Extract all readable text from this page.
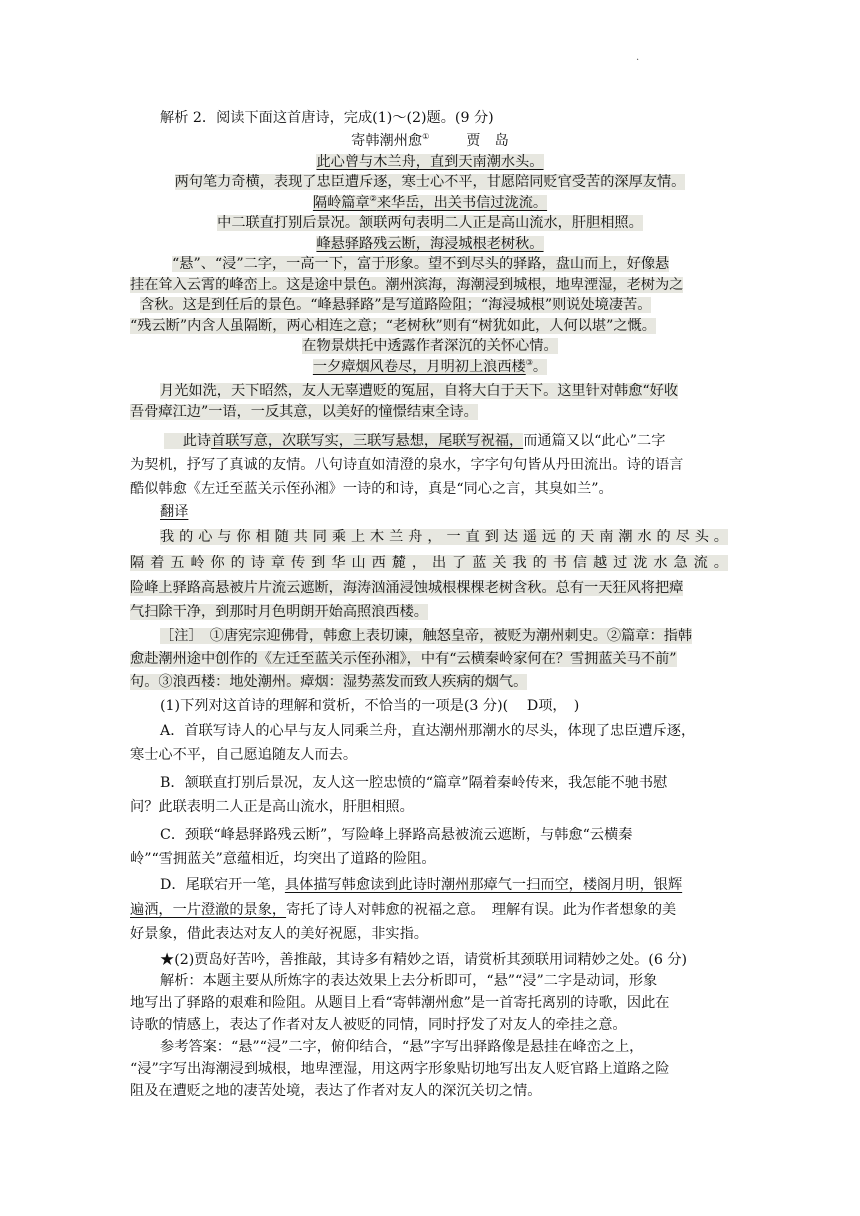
.
解析 2．阅读下面这首唐诗，完成(1)～(2)题。(9 分)
寄韩潮州愈①	贾　岛
此心曾与木兰舟，直到天南潮水头。
两句笔力奇横，表现了忠臣遭斥逐，寒士心不平，甘愿陪同贬官受苦的深厚友情。
隔岭篇章②来华岳，出关书信过泷流。
中二联直打别后景况。颔联两句表明二人正是高山流水，肝胆相照。
峰悬驿路残云断，海浸城根老树秋。
“悬”、“浸”二字，一高一下，富于形象。望不到尽头的驿路，盘山而上，好像悬
挂在耸入云霄的峰峦上。这是途中景色。潮州滨海，海潮浸到城根，地卑湮湿，老树为之
含秋。这是到任后的景色。“峰悬驿路”是写道路险阻；“海浸城根”则说处境凄苦。
“残云断”内含人虽隔断，两心相连之意；“老树秋”则有“树犹如此，人何以堪”之慨。
在物景烘托中透露作者深沉的关怀心情。
一夕瘴烟风卷尽，月明初上浪西楼③。
月光如洗，天下昭然，友人无辜遭贬的冤屈，自将大白于天下。这里针对韩愈“好收
吾骨瘴江边”一语，一反其意，以美好的憧憬结束全诗。
　 此诗首联写意，次联写实，三联写悬想，尾联写祝福，而通篇又以“此心”二字
为契机，抒写了真诚的友情。八句诗直如清澄的泉水，字字句句皆从丹田流出。诗的语言
酷似韩愈《左迁至蓝关示侄孙湘》一诗的和诗，真是“同心之言，其臭如兰”。
翻译
我的心与你相随共同乘上木兰舟，一直到达遥远的天南潮水的尽头。
隔着五岭你的诗章传到华山西麓，出了蓝关我的书信越过泷水急流。
险峰上驿路高悬被片片流云遮断，海涛汹涌浸蚀城根棵棵老树含秋。总有一天狂风将把瘴
气扫除干净，到那时月色明朗开始高照浪西楼。
［注］　①唐宪宗迎佛骨，韩愈上表切谏，触怒皇帝，被贬为潮州刺史。②篇章：指韩
愈赴潮州途中创作的《左迁至蓝关示侄孙湘》，中有“云横秦岭家何在？雪拥蓝关马不前”
句。③浪西楼：地处潮州。瘴烟：湿势蒸发而致人疾病的烟气。
(1)下列对这首诗的理解和赏析，不恰当的一项是(3 分)(　 D项，　)
A．首联写诗人的心早与友人同乘兰舟，直达潮州那潮水的尽头，体现了忠臣遭斥逐，
寒士心不平，自己愿追随友人而去。
B．颔联直打别后景况，友人这一腔忠愤的“篇章”隔着秦岭传来，我怎能不驰书慰
问？此联表明二人正是高山流水，肝胆相照。
C．颈联“峰悬驿路残云断”，写险峰上驿路高悬被流云遮断，与韩愈“云横秦
岭”“雪拥蓝关”意蕴相近，均突出了道路的险阻。
D．尾联宕开一笔，具体描写韩愈读到此诗时潮州那瘴气一扫而空，楼阁月明，银辉
遍洒，一片澄澈的景象，寄托了诗人对韩愈的祝福之意。　理解有误。此为作者想象的美
好景象，借此表达对友人的美好祝愿，非实指。
★(2)贾岛好苦吟，善推敲，其诗多有精妙之语，请赏析其颈联用词精妙之处。(6 分)
解析：本题主要从所炼字的表达效果上去分析即可，“悬”“浸”二字是动词，形象
地写出了驿路的艰难和险阻。从题目上看“寄韩潮州愈”是一首寄托离别的诗歌，因此在
诗歌的情感上，表达了作者对友人被贬的同情，同时抒发了对友人的牵挂之意。
参考答案：“悬”“浸”二字，俯仰结合，“悬”字写出驿路像是悬挂在峰峦之上，
“浸”字写出海潮浸到城根，地卑湮湿，用这两字形象贴切地写出友人贬官路上道路之险
阻及在遭贬之地的凄苦处境，表达了作者对友人的深沉关切之情。
